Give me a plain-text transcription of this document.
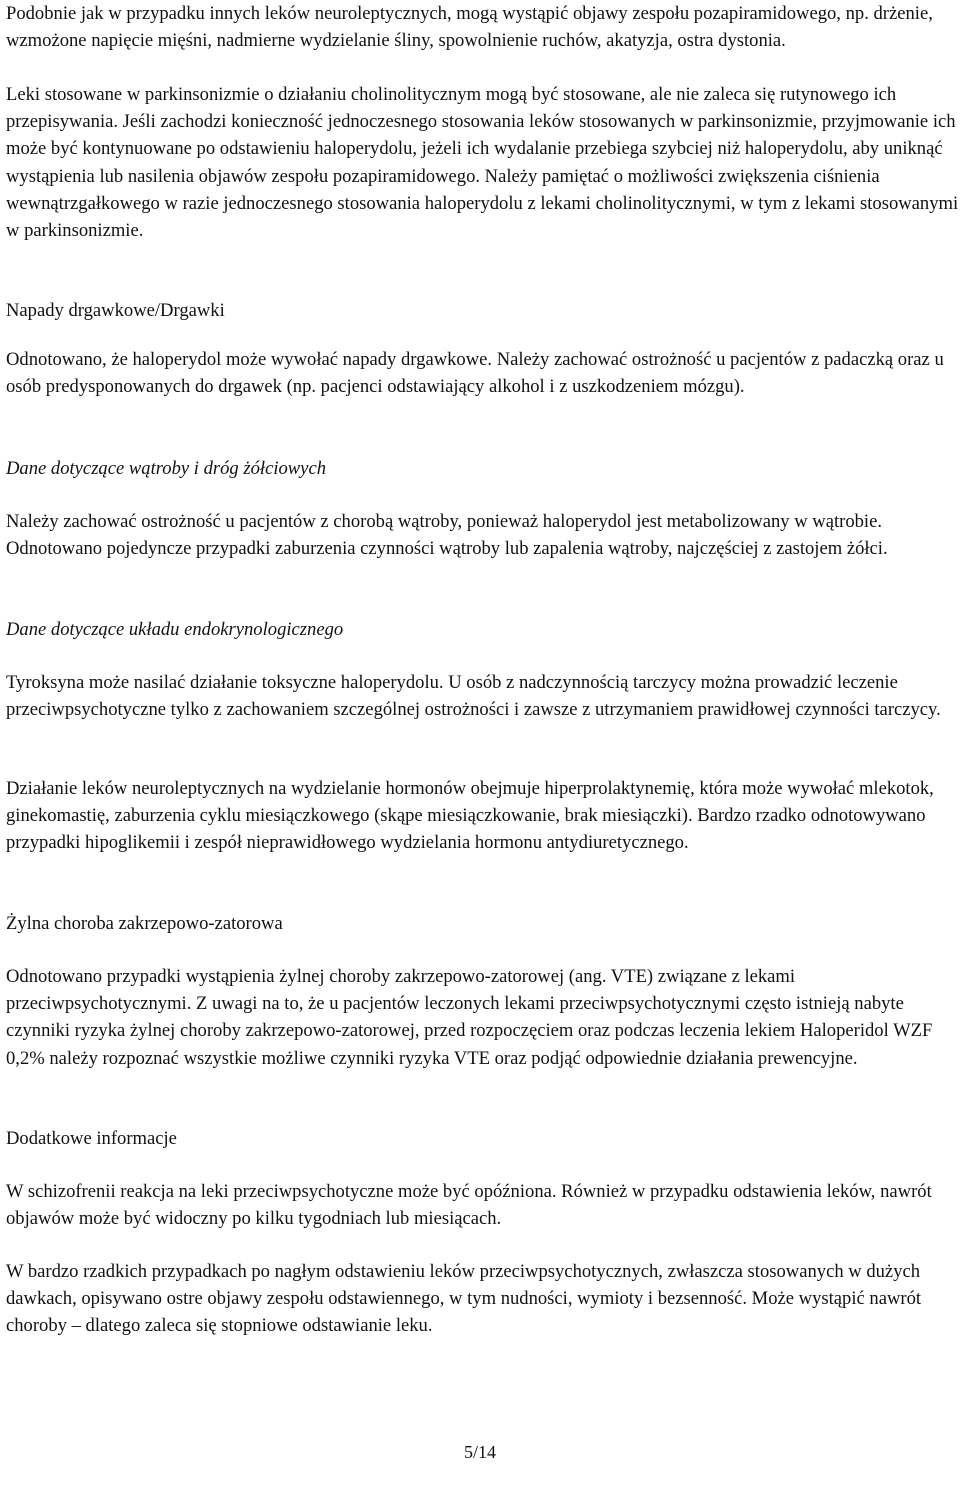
Podobnie jak w przypadku innych leków neuroleptycznych, mogą wystąpić objawy zespołu pozapiramidowego, np. drżenie, wzmożone napięcie mięśni, nadmierne wydzielanie śliny, spowolnienie ruchów, akatyzja, ostra dystonia.

Leki stosowane w parkinsonizmie o działaniu cholinolitycznym mogą być stosowane, ale nie zaleca się rutynowego ich przepisywania. Jeśli zachodzi konieczność jednoczesnego stosowania leków stosowanych w parkinsonizmie, przyjmowanie ich może być kontynuowane po odstawieniu haloperydolu, jeżeli ich wydalanie przebiega szybciej niż haloperydolu, aby uniknąć wystąpienia lub nasilenia objawów zespołu pozapiramidowego. Należy pamiętać o możliwości zwiększenia ciśnienia wewnątrzgałkowego w razie jednoczesnego stosowania haloperydolu z lekami cholinolitycznymi, w tym z lekami stosowanymi w parkinsonizmie.

Napady drgawkowe/Drgawki

Odnotowano, że haloperydol może wywołać napady drgawkowe. Należy zachować ostrożność u pacjentów z padaczką oraz u osób predysponowanych do drgawek (np. pacjenci odstawiający alkohol i z uszkodzeniem mózgu).

Dane dotyczące wątroby i dróg żółciowych

Należy zachować ostrożność u pacjentów z chorobą wątroby, ponieważ haloperydol jest metabolizowany w wątrobie. Odnotowano pojedyncze przypadki zaburzenia czynności wątroby lub zapalenia wątroby, najczęściej z zastojem żółci.

Dane dotyczące układu endokrynologicznego

Tyroksyna może nasilać działanie toksyczne haloperydolu. U osób z nadczynnością tarczycy można prowadzić leczenie przeciwpsychotyczne tylko z zachowaniem szczególnej ostrożności i zawsze z utrzymaniem prawidłowej czynności tarczycy.

Działanie leków neuroleptycznych na wydzielanie hormonów obejmuje hiperprolaktynemię, która może wywołać mlekotok, ginekomastię, zaburzenia cyklu miesiączkowego (skąpe miesiączkowanie, brak miesiączki). Bardzo rzadko odnotowywano przypadki hipoglikemii i zespół nieprawidłowego wydzielania hormonu antydiuretycznego.

Żylna choroba zakrzepowo-zatorowa

Odnotowano przypadki wystąpienia żylnej choroby zakrzepowo-zatorowej (ang. VTE) związane z lekami przeciwpsychotycznymi. Z uwagi na to, że u pacjentów leczonych lekami przeciwpsychotycznymi często istnieją nabyte czynniki ryzyka żylnej choroby zakrzepowo-zatorowej, przed rozpoczęciem oraz podczas leczenia lekiem Haloperidol WZF 0,2% należy rozpoznać wszystkie możliwe czynniki ryzyka VTE oraz podjąć odpowiednie działania prewencyjne.

Dodatkowe informacje

W schizofrenii reakcja na leki przeciwpsychotyczne może być opóźniona. Również w przypadku odstawienia leków, nawrót objawów może być widoczny po kilku tygodniach lub miesiącach.

W bardzo rzadkich przypadkach po nagłym odstawieniu leków przeciwpsychotycznych, zwłaszcza stosowanych w dużych dawkach, opisywano ostre objawy zespołu odstawiennego, w tym nudności, wymioty i bezsenność. Może wystąpić nawrót choroby – dlatego zaleca się stopniowe odstawianie leku.

5/14
